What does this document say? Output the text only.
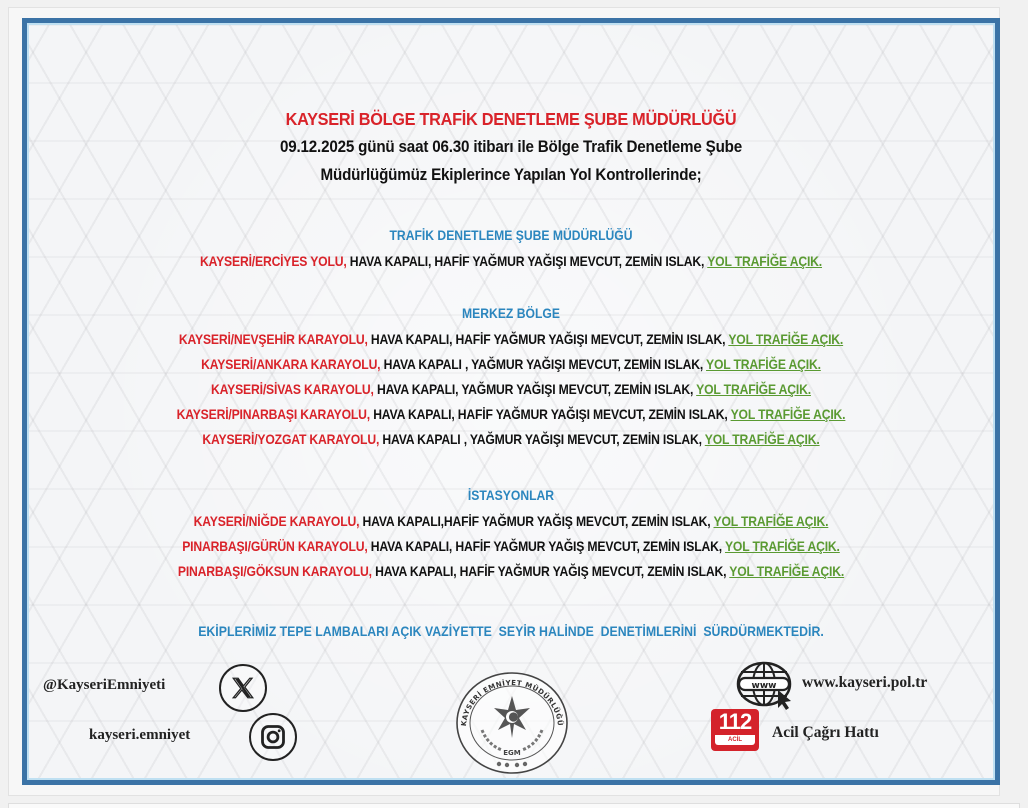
KAYSERİ BÖLGE TRAFİK DENETLEME ŞUBE MÜDÜRLÜĞÜ
09.12.2025 günü saat 06.30 itibarı ile Bölge Trafik Denetleme Şube
Müdürlüğümüz Ekiplerince Yapılan Yol Kontrollerinde;
TRAFİK DENETLEME ŞUBE MÜDÜRLÜĞÜ
KAYSERİ/ERCİYES YOLU, HAVA KAPALI, HAFİF YAĞMUR YAĞIŞI MEVCUT, ZEMİN ISLAK, YOL TRAFİĞE AÇIK.
MERKEZ BÖLGE
KAYSERİ/NEVŞEHİR KARAYOLU, HAVA KAPALI, HAFİF YAĞMUR YAĞIŞI MEVCUT, ZEMİN ISLAK, YOL TRAFİĞE AÇIK.
KAYSERİ/ANKARA KARAYOLU, HAVA KAPALI , YAĞMUR YAĞIŞI MEVCUT, ZEMİN ISLAK, YOL TRAFİĞE AÇIK.
KAYSERİ/SİVAS KARAYOLU, HAVA KAPALI, YAĞMUR YAĞIŞI MEVCUT, ZEMİN ISLAK, YOL TRAFİĞE AÇIK.
KAYSERİ/PINARBAŞI KARAYOLU, HAVA KAPALI, HAFİF YAĞMUR YAĞIŞI MEVCUT, ZEMİN ISLAK, YOL TRAFİĞE AÇIK.
KAYSERİ/YOZGAT KARAYOLU, HAVA KAPALI , YAĞMUR YAĞIŞI MEVCUT, ZEMİN ISLAK, YOL TRAFİĞE AÇIK.
İSTASYONLAR
KAYSERİ/NİĞDE KARAYOLU, HAVA KAPALI,HAFİF YAĞMUR YAĞIŞ MEVCUT, ZEMİN ISLAK, YOL TRAFİĞE AÇIK.
PINARBAŞI/GÜRÜN KARAYOLU, HAVA KAPALI, HAFİF YAĞMUR YAĞIŞ MEVCUT, ZEMİN ISLAK, YOL TRAFİĞE AÇIK.
PINARBAŞI/GÖKSUN KARAYOLU, HAVA KAPALI, HAFİF YAĞMUR YAĞIŞ MEVCUT, ZEMİN ISLAK, YOL TRAFİĞE AÇIK.
EKİPLERİMİZ TEPE LAMBALARI AÇIK VAZİYETTE  SEYİR HALİNDE  DENETİMLERİNİ  SÜRDÜRMEKTEDİR.
@KayseriEmniyeti
kayseri.emniyet
KAYSERİ EMNİYET MÜDÜRLÜĞÜ
EGM
www www.kayseri.pol.tr
112
ACİL	Acil Çağrı Hattı
